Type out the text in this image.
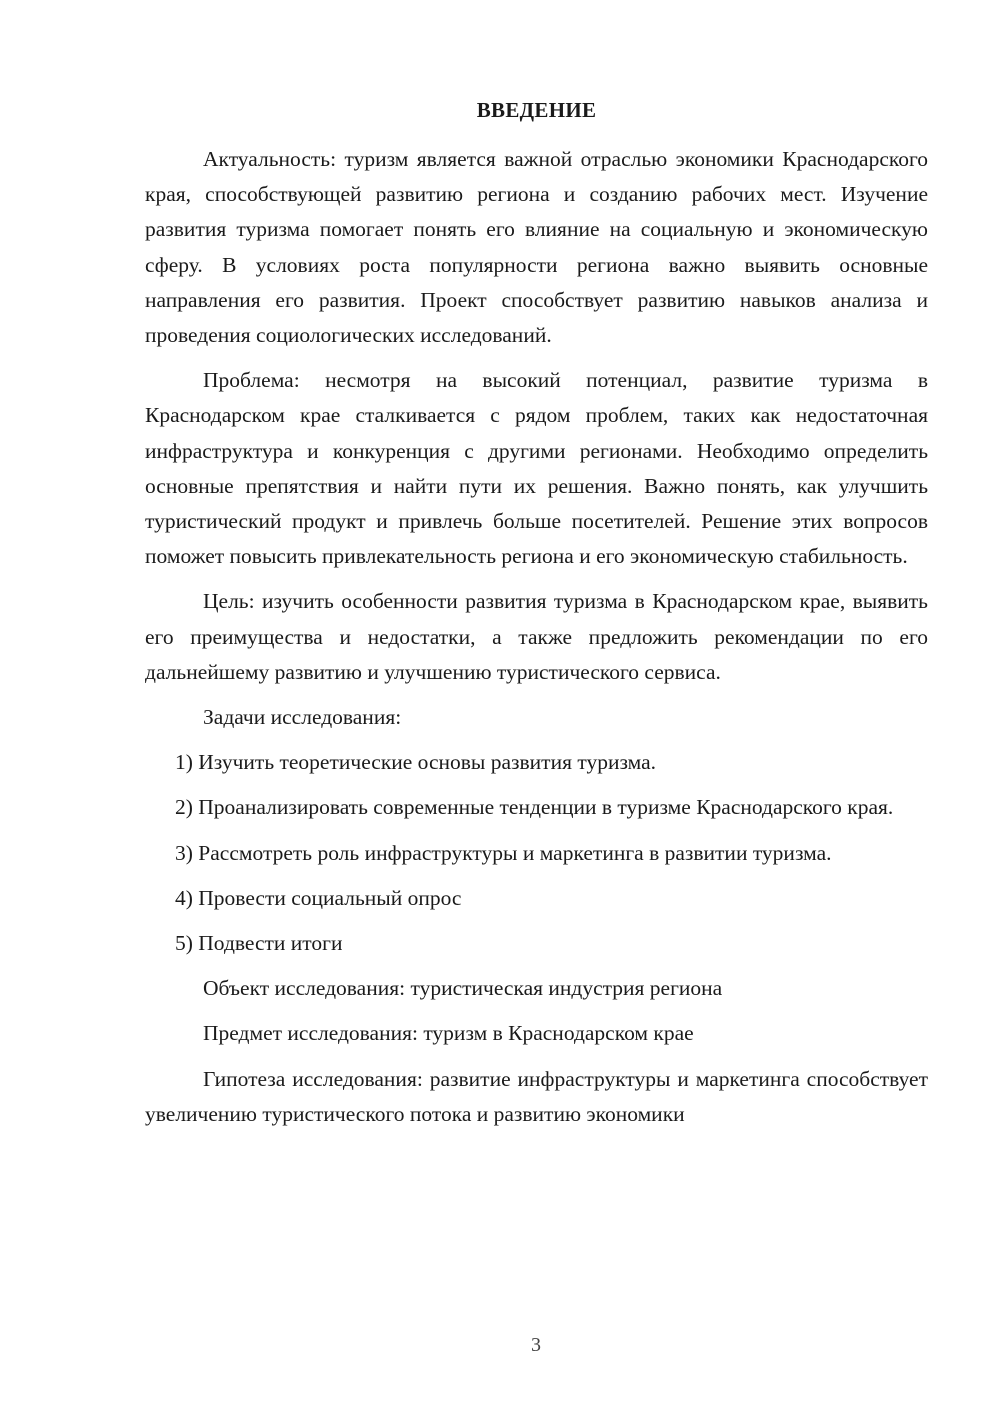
ВВЕДЕНИЕ

Актуальность: туризм является важной отраслью экономики Краснодарского края, способствующей развитию региона и созданию рабочих мест. Изучение развития туризма помогает понять его влияние на социальную и экономическую сферу. В условиях роста популярности региона важно выявить основные направления его развития. Проект способствует развитию навыков анализа и проведения социологических исследований.

Проблема: несмотря на высокий потенциал, развитие туризма в Краснодарском крае сталкивается с рядом проблем, таких как недостаточная инфраструктура и конкуренция с другими регионами. Необходимо определить основные препятствия и найти пути их решения. Важно понять, как улучшить туристический продукт и привлечь больше посетителей. Решение этих вопросов поможет повысить привлекательность региона и его экономическую стабильность.

Цель: изучить особенности развития туризма в Краснодарском крае, выявить его преимущества и недостатки, а также предложить рекомендации по его дальнейшему развитию и улучшению туристического сервиса.

Задачи исследования:

1) Изучить теоретические основы развития туризма.

2) Проанализировать современные тенденции в туризме Краснодарского края.

3) Рассмотреть роль инфраструктуры и маркетинга в развитии туризма.

4) Провести социальный опрос

5) Подвести итоги

Объект исследования: туристическая индустрия региона

Предмет исследования: туризм в Краснодарском крае

Гипотеза исследования: развитие инфраструктуры и маркетинга способствует увеличению туристического потока и развитию экономики

3
